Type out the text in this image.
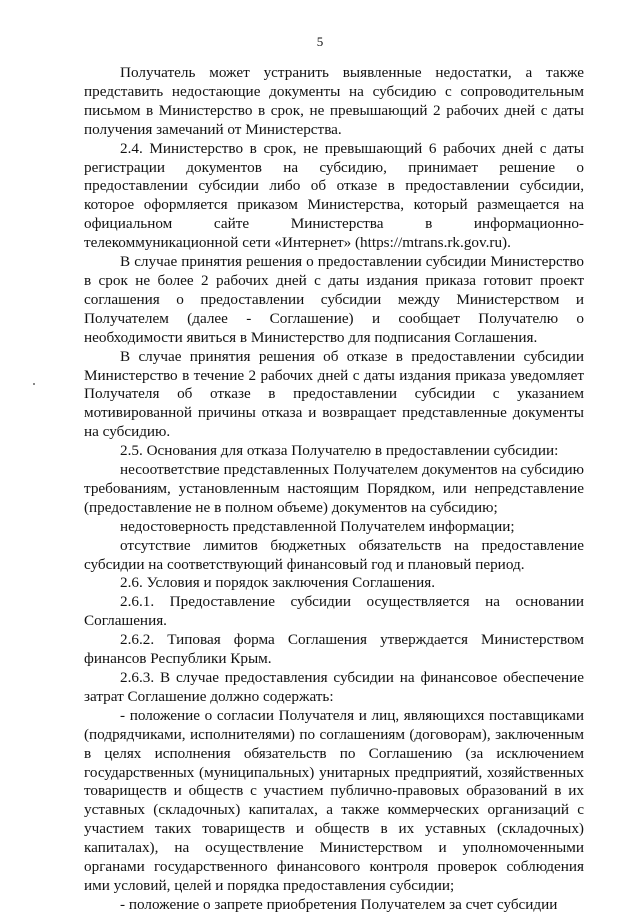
5

Получатель может устранить выявленные недостатки, а также представить недостающие документы на субсидию с сопроводительным письмом в Министерство в срок, не превышающий 2 рабочих дней с даты получения замечаний от Министерства.

2.4. Министерство в срок, не превышающий 6 рабочих дней с даты регистрации документов на субсидию, принимает решение о предоставлении субсидии либо об отказе в предоставлении субсидии, которое оформляется приказом Министерства, который размещается на официальном сайте Министерства в информационно-телекоммуникационной сети «Интернет» (https://mtrans.rk.gov.ru).

В случае принятия решения о предоставлении субсидии Министерство в срок не более 2 рабочих дней с даты издания приказа готовит проект соглашения о предоставлении субсидии между Министерством и Получателем (далее - Соглашение) и сообщает Получателю о необходимости явиться в Министерство для подписания Соглашения.

В случае принятия решения об отказе в предоставлении субсидии Министерство в течение 2 рабочих дней с даты издания приказа уведомляет Получателя об отказе в предоставлении субсидии с указанием мотивированной причины отказа и возвращает представленные документы на субсидию.

2.5. Основания для отказа Получателю в предоставлении субсидии:

несоответствие представленных Получателем документов на субсидию требованиям, установленным настоящим Порядком, или непредставление (предоставление не в полном объеме) документов на субсидию;

недостоверность представленной Получателем информации;

отсутствие лимитов бюджетных обязательств на предоставление субсидии на соответствующий финансовый год и плановый период.

2.6. Условия и порядок заключения Соглашения.

2.6.1. Предоставление субсидии осуществляется на основании Соглашения.

2.6.2. Типовая форма Соглашения утверждается Министерством финансов Республики Крым.

2.6.3. В случае предоставления субсидии на финансовое обеспечение затрат Соглашение должно содержать:

- положение о согласии Получателя и лиц, являющихся поставщиками (подрядчиками, исполнителями) по соглашениям (договорам), заключенным в целях исполнения обязательств по Соглашению (за исключением государственных (муниципальных) унитарных предприятий, хозяйственных товариществ и обществ с участием публично-правовых образований в их уставных (складочных) капиталах, а также коммерческих организаций с участием таких товариществ и обществ в их уставных (складочных) капиталах), на осуществление Министерством и уполномоченными органами государственного финансового контроля проверок соблюдения ими условий, целей и порядка предоставления субсидии;

- положение о запрете приобретения Получателем за счет субсидии
